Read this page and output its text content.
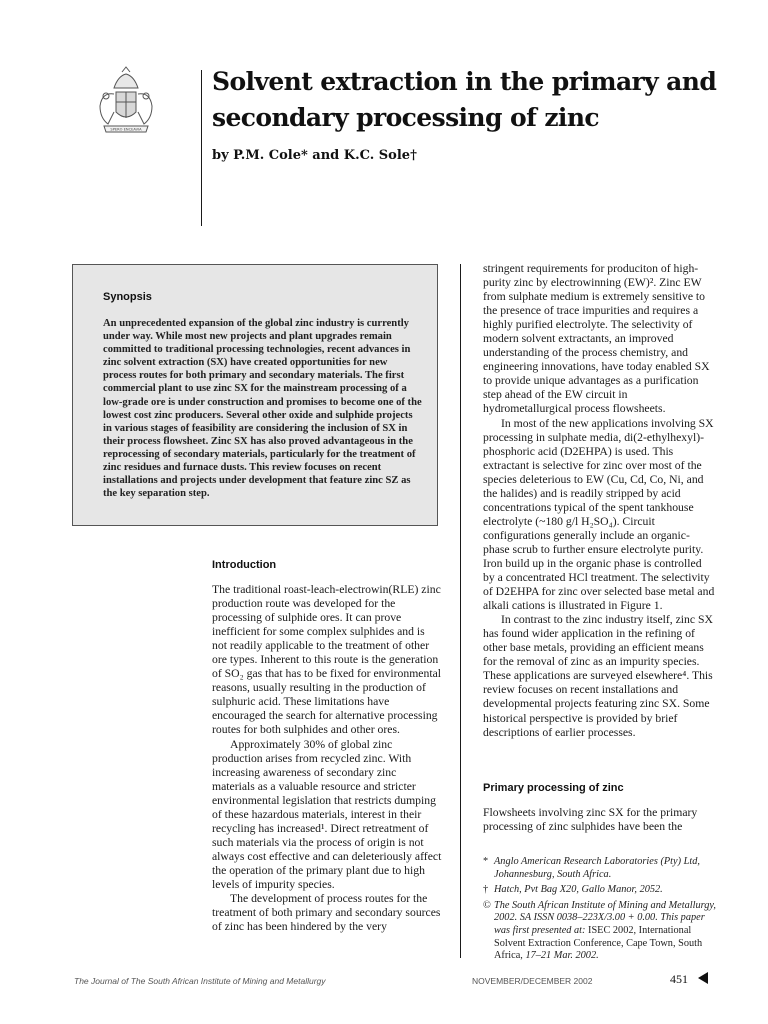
SPERO ENCEAVIA
Solvent extraction in the primary and secondary processing of zinc

by P.M. Cole* and K.C. Sole†

Synopsis

An unprecedented expansion of the global zinc industry is currently under way. While most new projects and plant upgrades remain committed to traditional processing technologies, recent advances in zinc solvent extraction (SX) have created opportunities for new process routes for both primary and secondary materials. The first commercial plant to use zinc SX for the mainstream processing of a low-grade ore is under construction and promises to become one of the lowest cost zinc producers. Several other oxide and sulphide projects in various stages of feasibility are considering the inclusion of SX in their process flowsheet. Zinc SX has also proved advantageous in the reprocessing of secondary materials, particularly for the treatment of zinc residues and furnace dusts. This review focuses on recent installations and projects under development that feature zinc SZ as the key separation step.

Introduction

The traditional roast-leach-electrowin(RLE) zinc production route was developed for the processing of sulphide ores. It can prove inefficient for some complex sulphides and is not readily applicable to the treatment of other ore types. Inherent to this route is the generation of SO₂ gas that has to be fixed for environmental reasons, usually resulting in the production of sulphuric acid. These limitations have encouraged the search for alternative processing routes for both sulphides and other ores.

Approximately 30% of global zinc production arises from recycled zinc. With increasing awareness of secondary zinc materials as a valuable resource and stricter environmental legislation that restricts dumping of these hazardous materials, interest in their recycling has increased¹. Direct retreatment of such materials via the process of origin is not always cost effective and can deleteriously affect the operation of the primary plant due to high levels of impurity species.

The development of process routes for the treatment of both primary and secondary sources of zinc has been hindered by the very

stringent requirements for produciton of high-purity zinc by electrowinning (EW)². Zinc EW from sulphate medium is extremely sensitive to the presence of trace impurities and requires a highly purified electrolyte. The selectivity of modern solvent extractants, an improved understanding of the process chemistry, and engineering innovations, have today enabled SX to provide unique advantages as a purification step ahead of the EW circuit in hydrometallurgical process flowsheets.

In most of the new applications involving SX processing in sulphate media, di(2-ethylhexyl)-phosphoric acid (D2EHPA) is used. This extractant is selective for zinc over most of the species deleterious to EW (Cu, Cd, Co, Ni, and the halides) and is readily stripped by acid concentrations typical of the spent tankhouse electrolyte (~180 g/l H₂SO₄). Circuit configurations generally include an organic-phase scrub to further ensure electrolyte purity. Iron build up in the organic phase is controlled by a concentrated HCl treatment. The selectivity of D2EHPA for zinc over selected base metal and alkali cations is illustrated in Figure 1.

In contrast to the zinc industry itself, zinc SX has found wider application in the refining of other base metals, providing an efficient means for the removal of zinc as an impurity species. These applications are surveyed elsewhere⁴. This review focuses on recent installations and developmental projects featuring zinc SX. Some historical perspective is provided by brief descriptions of earlier processes.

Primary processing of zinc

Flowsheets involving zinc SX for the primary processing of zinc sulphides have been the

* Anglo American Research Laboratories (Pty) Ltd, Johannesburg, South Africa.
† Hatch, Pvt Bag X20, Gallo Manor, 2052.
© The South African Institute of Mining and Metallurgy, 2002. SA ISSN 0038–223X/3.00 + 0.00. This paper was first presented at: ISEC 2002, International Solvent Extraction Conference, Cape Town, South Africa, 17–21 Mar. 2002.
The Journal of The South African Institute of Mining and Metallurgy	NOVEMBER/DECEMBER 2002	451
